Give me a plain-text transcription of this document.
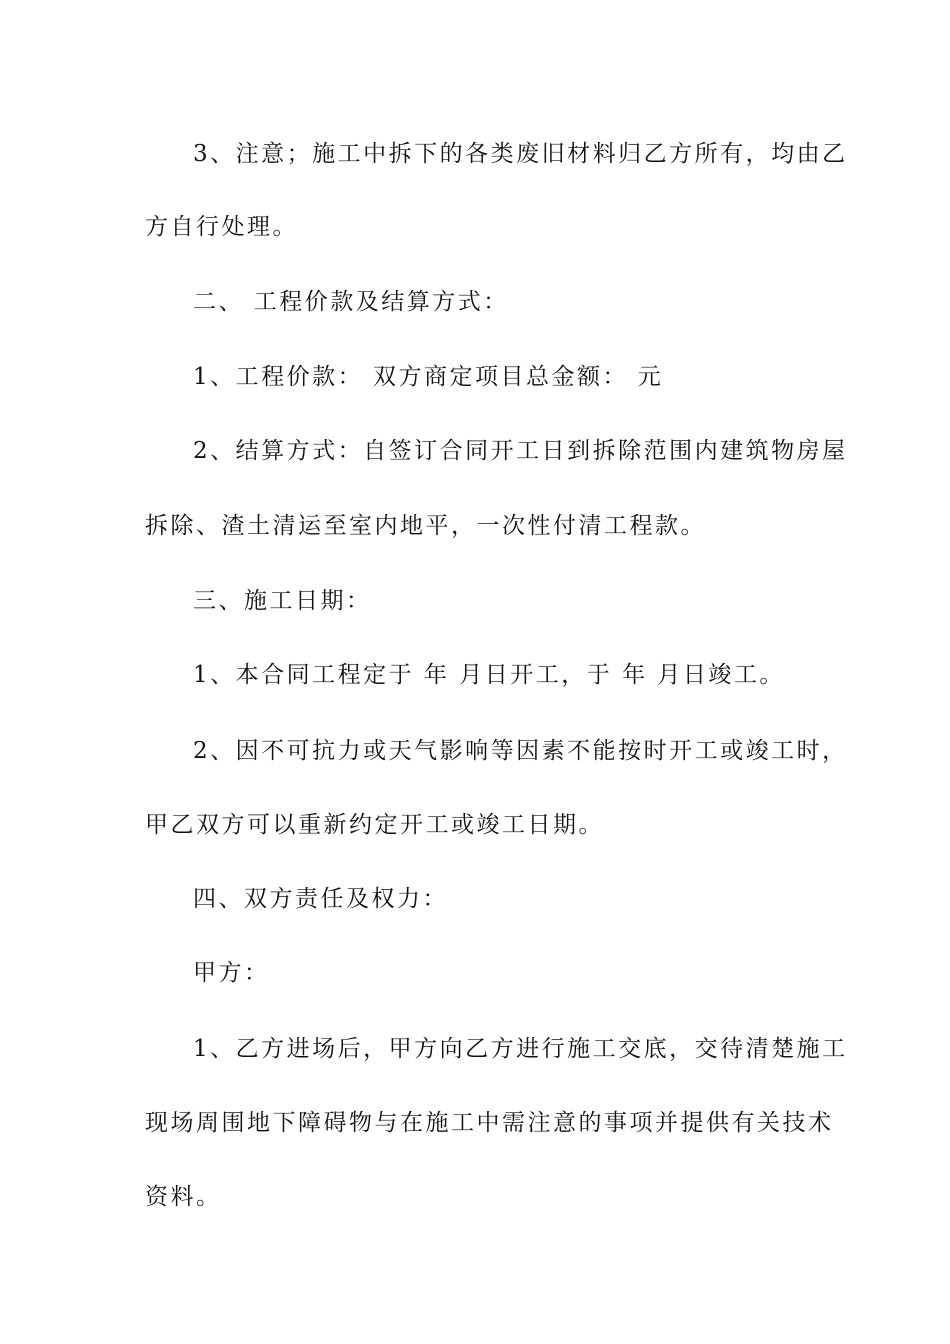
3、注意；施工中拆下的各类废旧材料归乙方所有，均由乙
方自行处理。
二、 工程价款及结算方式：
1、工程价款： 双方商定项目总金额： 元
2、结算方式：自签订合同开工日到拆除范围内建筑物房屋
拆除、渣土清运至室内地平，一次性付清工程款。
三、施工日期：
1、本合同工程定于 年 月日开工，于 年 月日竣工。
2、因不可抗力或天气影响等因素不能按时开工或竣工时，
甲乙双方可以重新约定开工或竣工日期。
四、双方责任及权力：
甲方：
1、乙方进场后，甲方向乙方进行施工交底，交待清楚施工
现场周围地下障碍物与在施工中需注意的事项并提供有关技术
资料。
